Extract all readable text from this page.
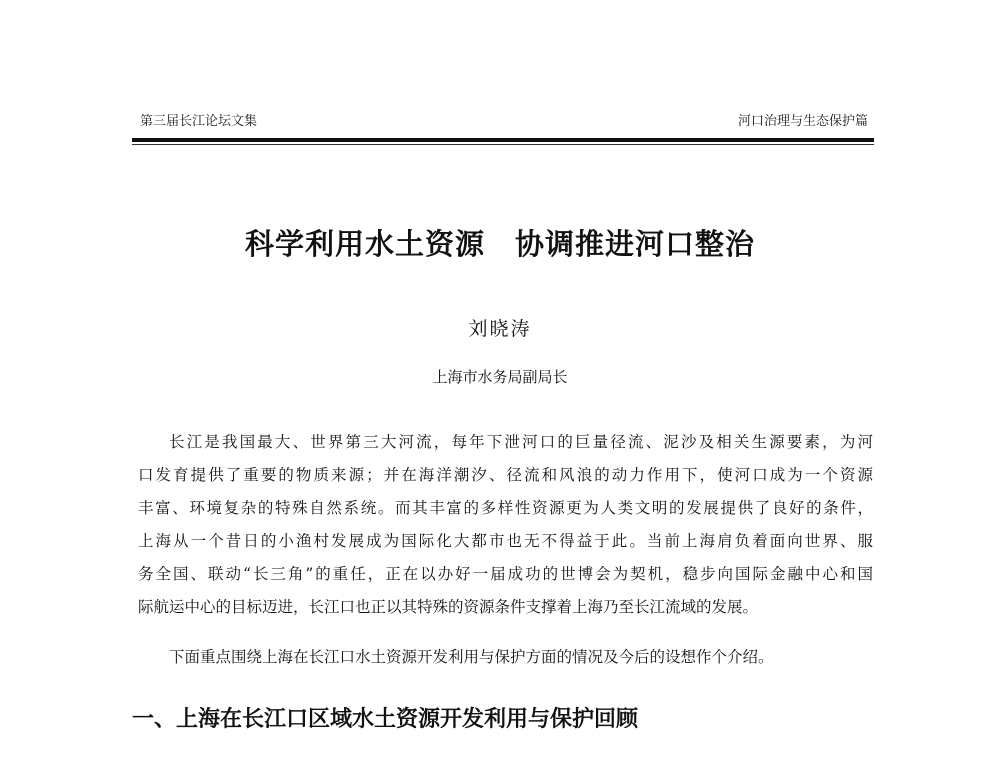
第三届长江论坛文集	河口治理与生态保护篇
科学利用水土资源　协调推进河口整治
刘晓涛
上海市水务局副局长
长江是我国最大、世界第三大河流，每年下泄河口的巨量径流、泥沙及相关生源要素，为河
口发育提供了重要的物质来源；并在海洋潮汐、径流和风浪的动力作用下，使河口成为一个资源
丰富、环境复杂的特殊自然系统。而其丰富的多样性资源更为人类文明的发展提供了良好的条件，
上海从一个昔日的小渔村发展成为国际化大都市也无不得益于此。当前上海肩负着面向世界、服
务全国、联动“长三角”的重任，正在以办好一届成功的世博会为契机，稳步向国际金融中心和国
际航运中心的目标迈进，长江口也正以其特殊的资源条件支撑着上海乃至长江流域的发展。
下面重点围绕上海在长江口水土资源开发利用与保护方面的情况及今后的设想作个介绍。
一、上海在长江口区域水土资源开发利用与保护回顾
